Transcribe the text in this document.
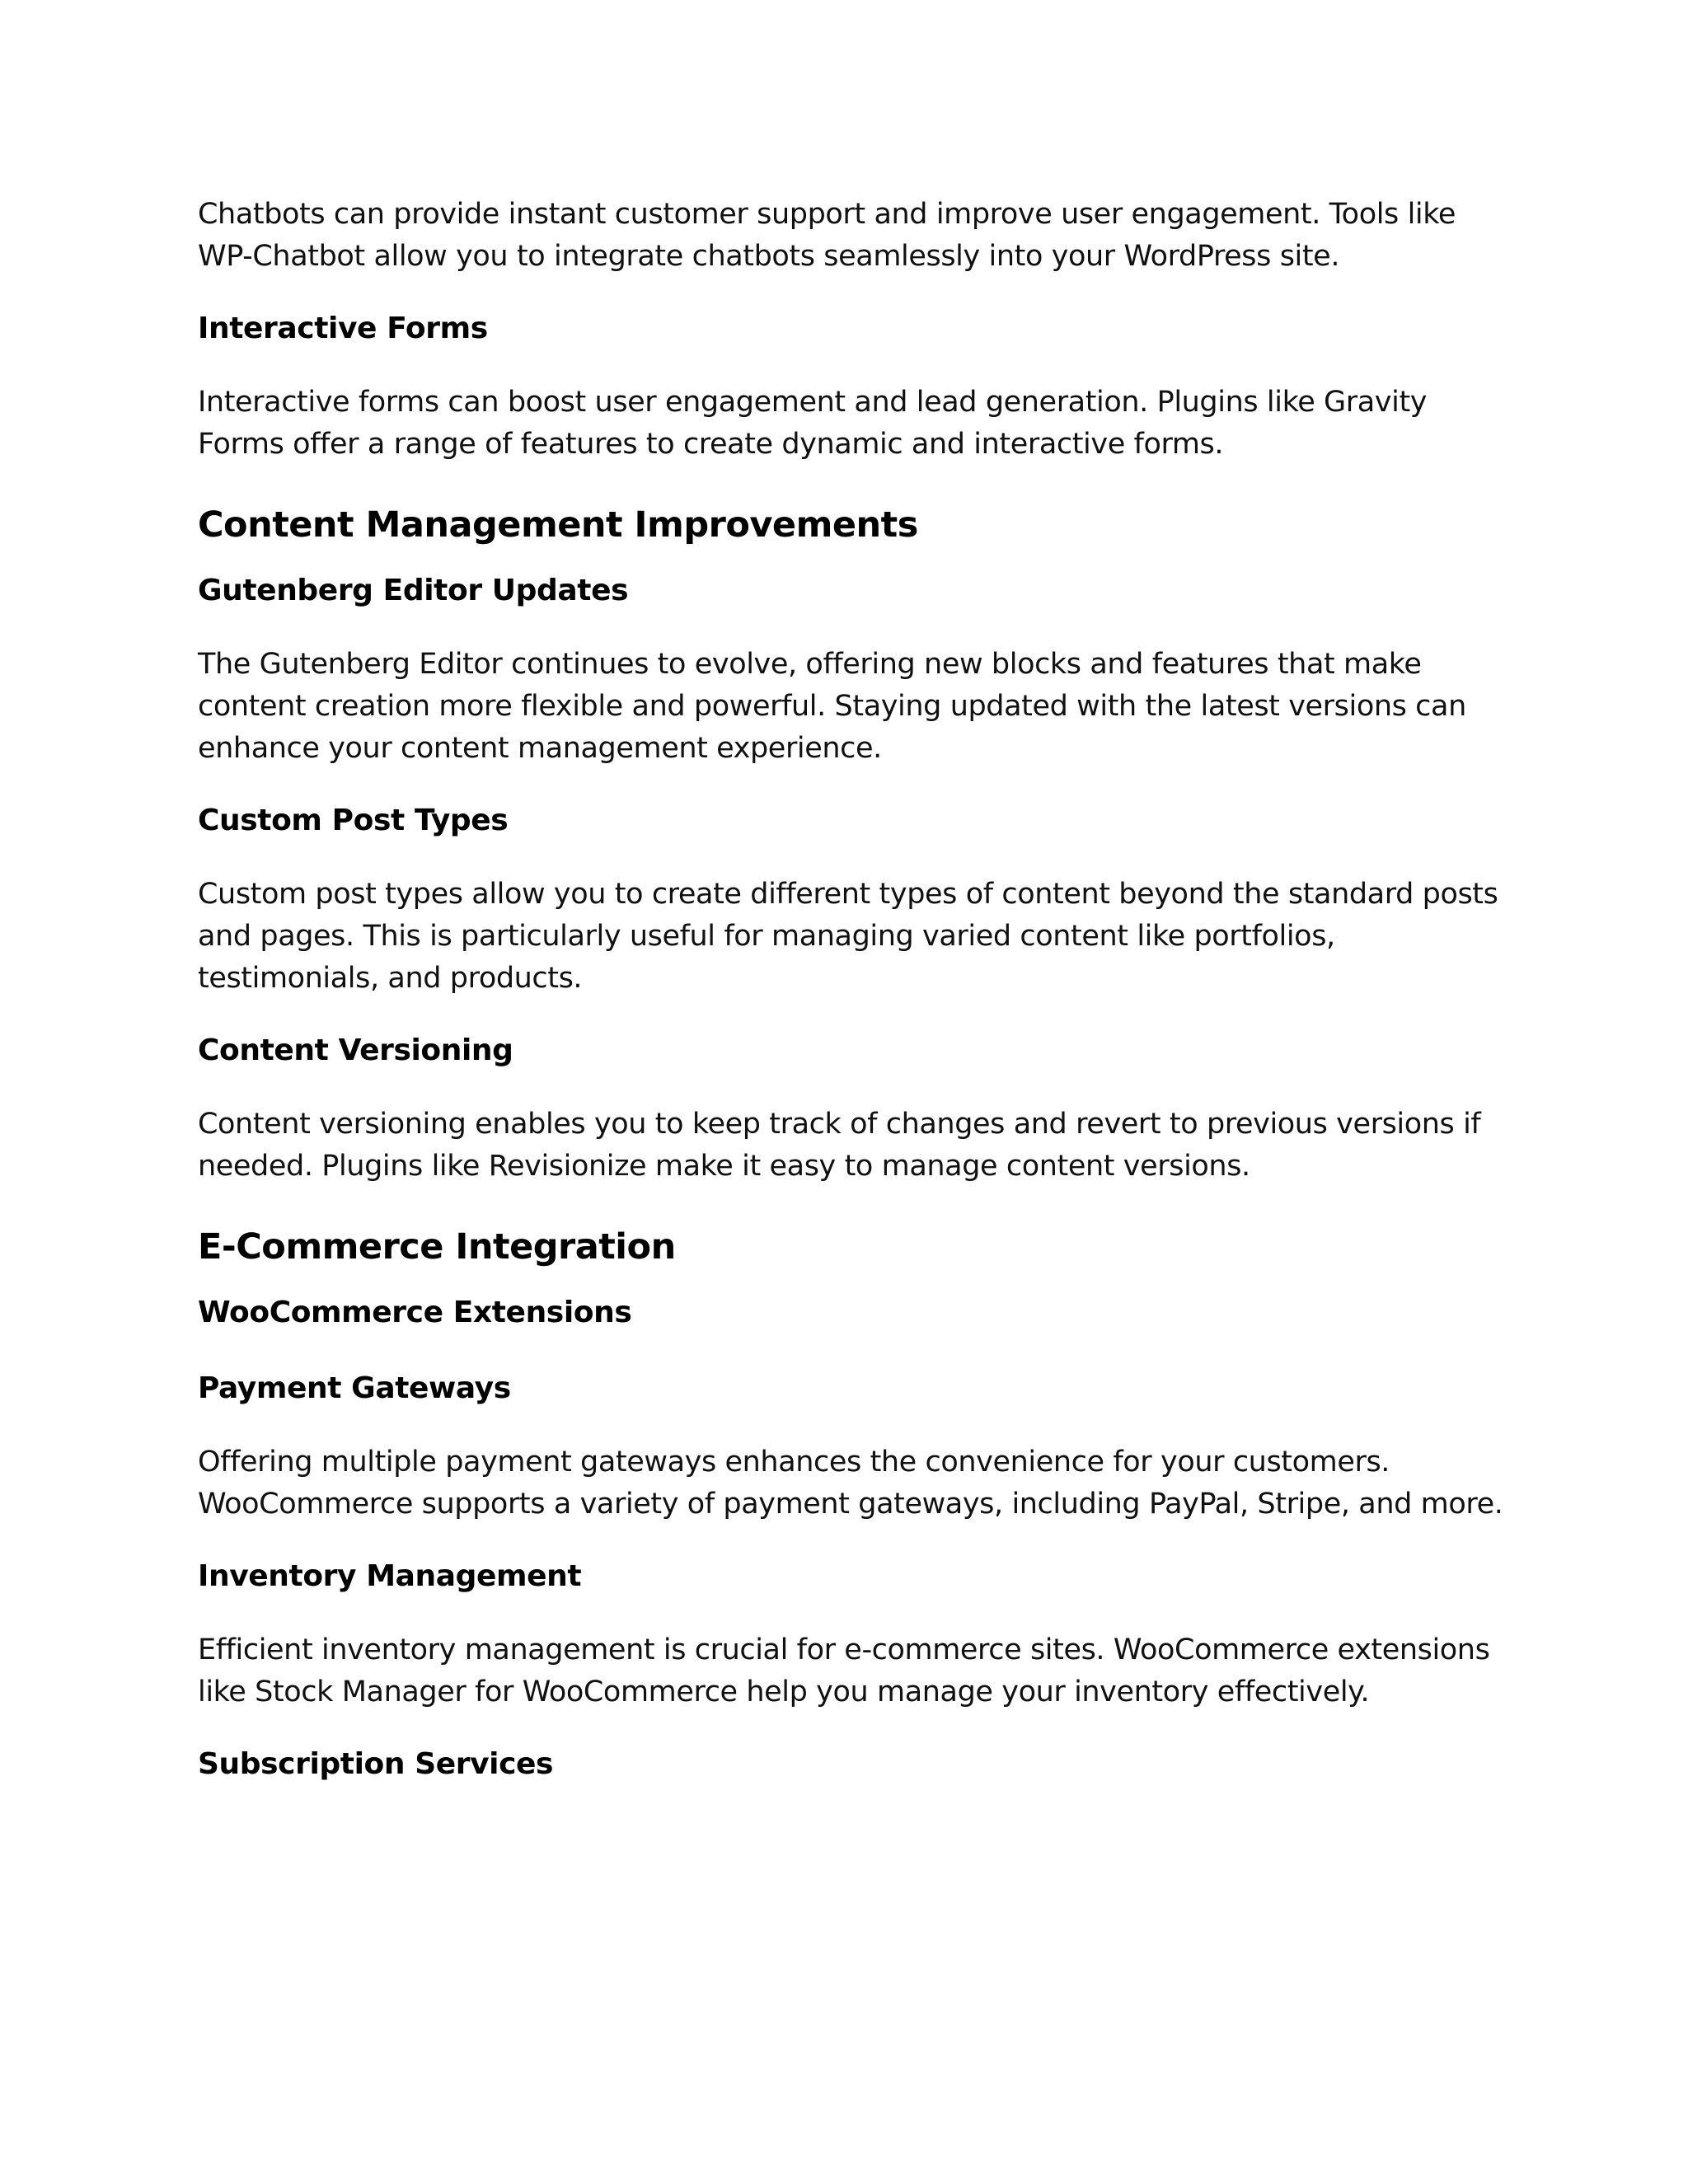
Chatbots can provide instant customer support and improve user engagement. Tools like WP-Chatbot allow you to integrate chatbots seamlessly into your WordPress site.

Interactive Forms

Interactive forms can boost user engagement and lead generation. Plugins like Gravity Forms offer a range of features to create dynamic and interactive forms.

Content Management Improvements
Gutenberg Editor Updates

The Gutenberg Editor continues to evolve, offering new blocks and features that make content creation more flexible and powerful. Staying updated with the latest versions can enhance your content management experience.

Custom Post Types

Custom post types allow you to create different types of content beyond the standard posts and pages. This is particularly useful for managing varied content like portfolios, testimonials, and products.

Content Versioning

Content versioning enables you to keep track of changes and revert to previous versions if needed. Plugins like Revisionize make it easy to manage content versions.

E-Commerce Integration
WooCommerce Extensions
Payment Gateways

Offering multiple payment gateways enhances the convenience for your customers. WooCommerce supports a variety of payment gateways, including PayPal, Stripe, and more.

Inventory Management

Efficient inventory management is crucial for e-commerce sites. WooCommerce extensions like Stock Manager for WooCommerce help you manage your inventory effectively.

Subscription Services
